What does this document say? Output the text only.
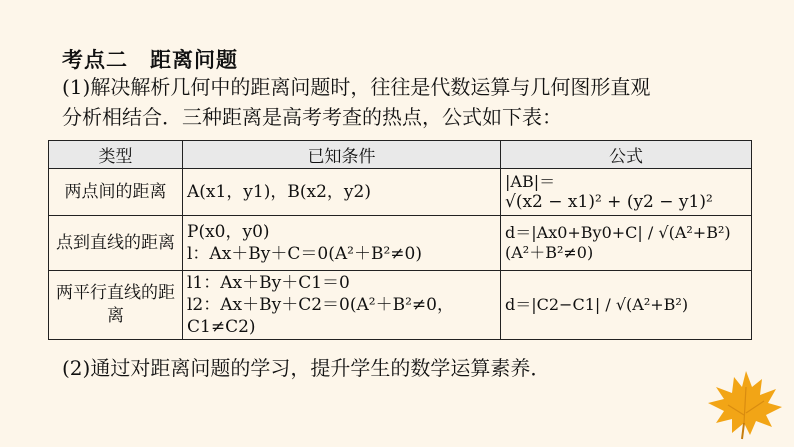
考点二　距离问题
(1)解决解析几何中的距离问题时，往往是代数运算与几何图形直观
分析相结合．三种距离是高考考查的热点，公式如下表：
类型	已知条件	公式
两点间的距离	A(x1，y1)，B(x2，y2)	|AB|＝
√(x2 − x1)² + (y2 − y1)²

点到直线的距离	P(x0，y0)
l：Ax＋By＋C＝0(A²＋B²≠0)	d＝|Ax0+By0+C| / √(A²+B²)
(A²＋B²≠0)

两平行直线的距离	l1：Ax＋By＋C1＝0
l2：Ax＋By＋C2＝0(A²＋B²≠0，
C1≠C2)	d＝|C2−C1| / √(A²+B²)
(2)通过对距离问题的学习，提升学生的数学运算素养．
